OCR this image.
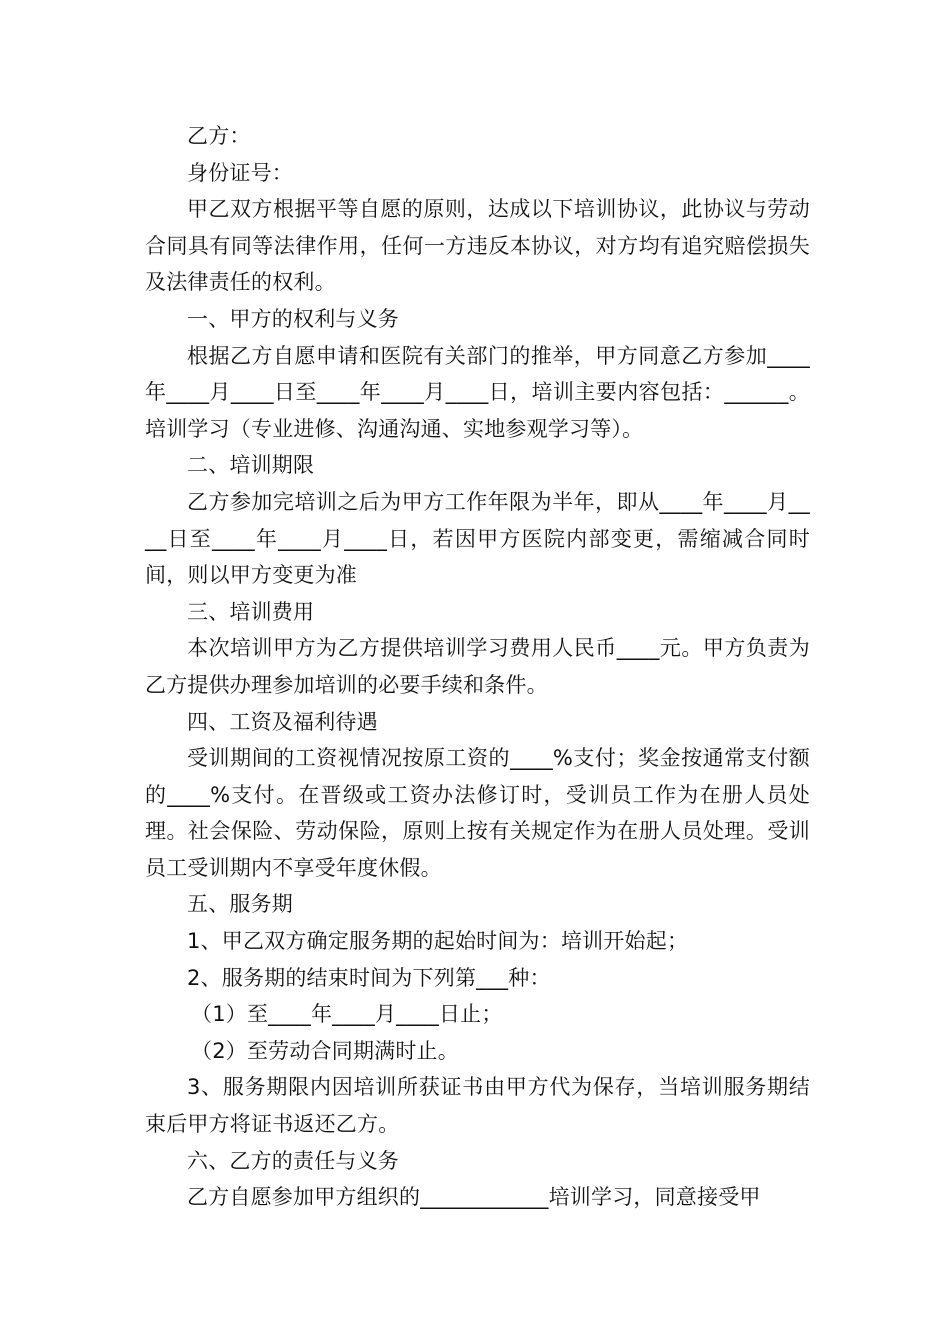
乙方：

身份证号：

甲乙双方根据平等自愿的原则，达成以下培训协议，此协议与劳动合同具有同等法律作用，任何一方违反本协议，对方均有追究赔偿损失及法律责任的权利。

一、甲方的权利与义务

根据乙方自愿申请和医院有关部门的推举，甲方同意乙方参加____年____月____日至____年____月____日，培训主要内容包括：______。培训学习（专业进修、沟通沟通、实地参观学习等）。

二、培训期限

乙方参加完培训之后为甲方工作年限为半年，即从____年____月____日至____年____月____日，若因甲方医院内部变更，需缩减合同时间，则以甲方变更为准

三、培训费用

本次培训甲方为乙方提供培训学习费用人民币____元。甲方负责为乙方提供办理参加培训的必要手续和条件。

四、工资及福利待遇

受训期间的工资视情况按原工资的____%支付；奖金按通常支付额的____%支付。在晋级或工资办法修订时，受训员工作为在册人员处理。社会保险、劳动保险，原则上按有关规定作为在册人员处理。受训员工受训期内不享受年度休假。

五、服务期

1、甲乙双方确定服务期的起始时间为：培训开始起；

2、服务期的结束时间为下列第___种：

（1）至____年____月____日止；

（2）至劳动合同期满时止。

3、服务期限内因培训所获证书由甲方代为保存，当培训服务期结束后甲方将证书返还乙方。

六、乙方的责任与义务

乙方自愿参加甲方组织的____________培训学习，同意接受甲
